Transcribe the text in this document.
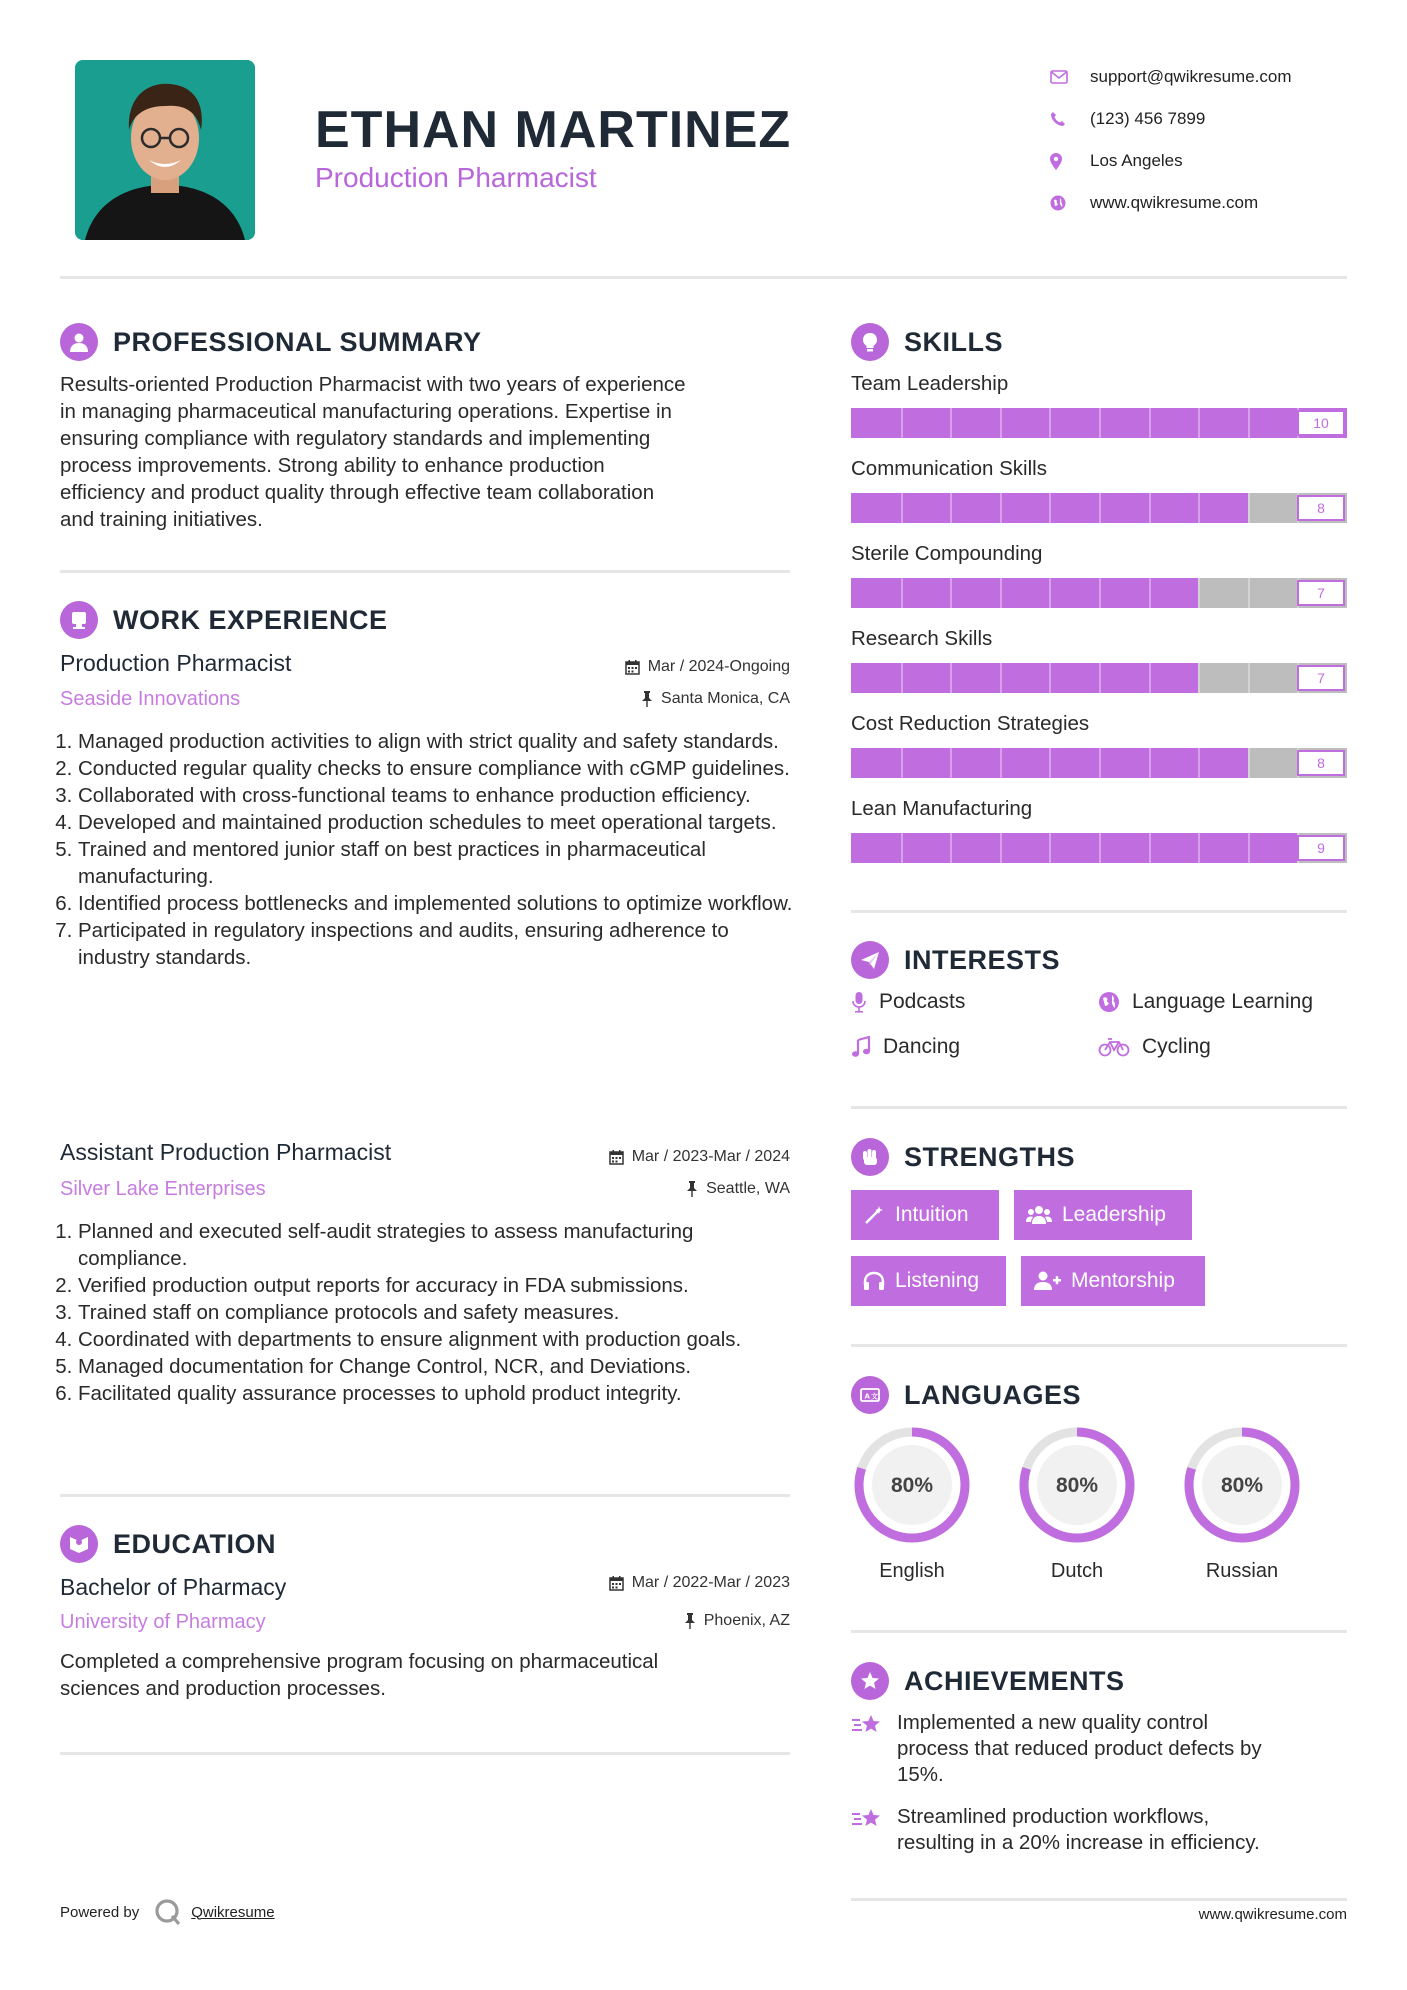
ETHAN MARTINEZ
Production Pharmacist
support@qwikresume.com
(123) 456 7899
Los Angeles
www.qwikresume.com
PROFESSIONAL SUMMARY
Results-oriented Production Pharmacist with two years of experience
in managing pharmaceutical manufacturing operations. Expertise in
ensuring compliance with regulatory standards and implementing
process improvements. Strong ability to enhance production
efficiency and product quality through effective team collaboration
and training initiatives.
WORK EXPERIENCE
Production Pharmacist	Mar / 2024-Ongoing
Seaside Innovations	Santa Monica, CA
1. Managed production activities to align with strict quality and safety standards.
2. Conducted regular quality checks to ensure compliance with cGMP guidelines.
3. Collaborated with cross-functional teams to enhance production efficiency.
4. Developed and maintained production schedules to meet operational targets.
5. Trained and mentored junior staff on best practices in pharmaceutical manufacturing.
6. Identified process bottlenecks and implemented solutions to optimize workflow.
7. Participated in regulatory inspections and audits, ensuring adherence to industry standards.
Assistant Production Pharmacist	Mar / 2023-Mar / 2024
Silver Lake Enterprises	Seattle, WA
1. Planned and executed self-audit strategies to assess manufacturing compliance.
2. Verified production output reports for accuracy in FDA submissions.
3. Trained staff on compliance protocols and safety measures.
4. Coordinated with departments to ensure alignment with production goals.
5. Managed documentation for Change Control, NCR, and Deviations.
6. Facilitated quality assurance processes to uphold product integrity.
EDUCATION
Bachelor of Pharmacy	Mar / 2022-Mar / 2023
University of Pharmacy	Phoenix, AZ
Completed a comprehensive program focusing on pharmaceutical
sciences and production processes.
SKILLS
Team Leadership
10
Communication Skills
8
Sterile Compounding
7
Research Skills
7
Cost Reduction Strategies
8
Lean Manufacturing
9
INTERESTS
Podcasts	Language Learning
Dancing	Cycling
STRENGTHS
Intuition	Leadership
Listening	Mentorship
A 文 LANGUAGES
80%
English
80%
Dutch
80%
Russian
ACHIEVEMENTS
Implemented a new quality control
process that reduced product defects by
15%.
Streamlined production workflows,
resulting in a 20% increase in efficiency.
Powered by	Qwikresume	www.qwikresume.com
